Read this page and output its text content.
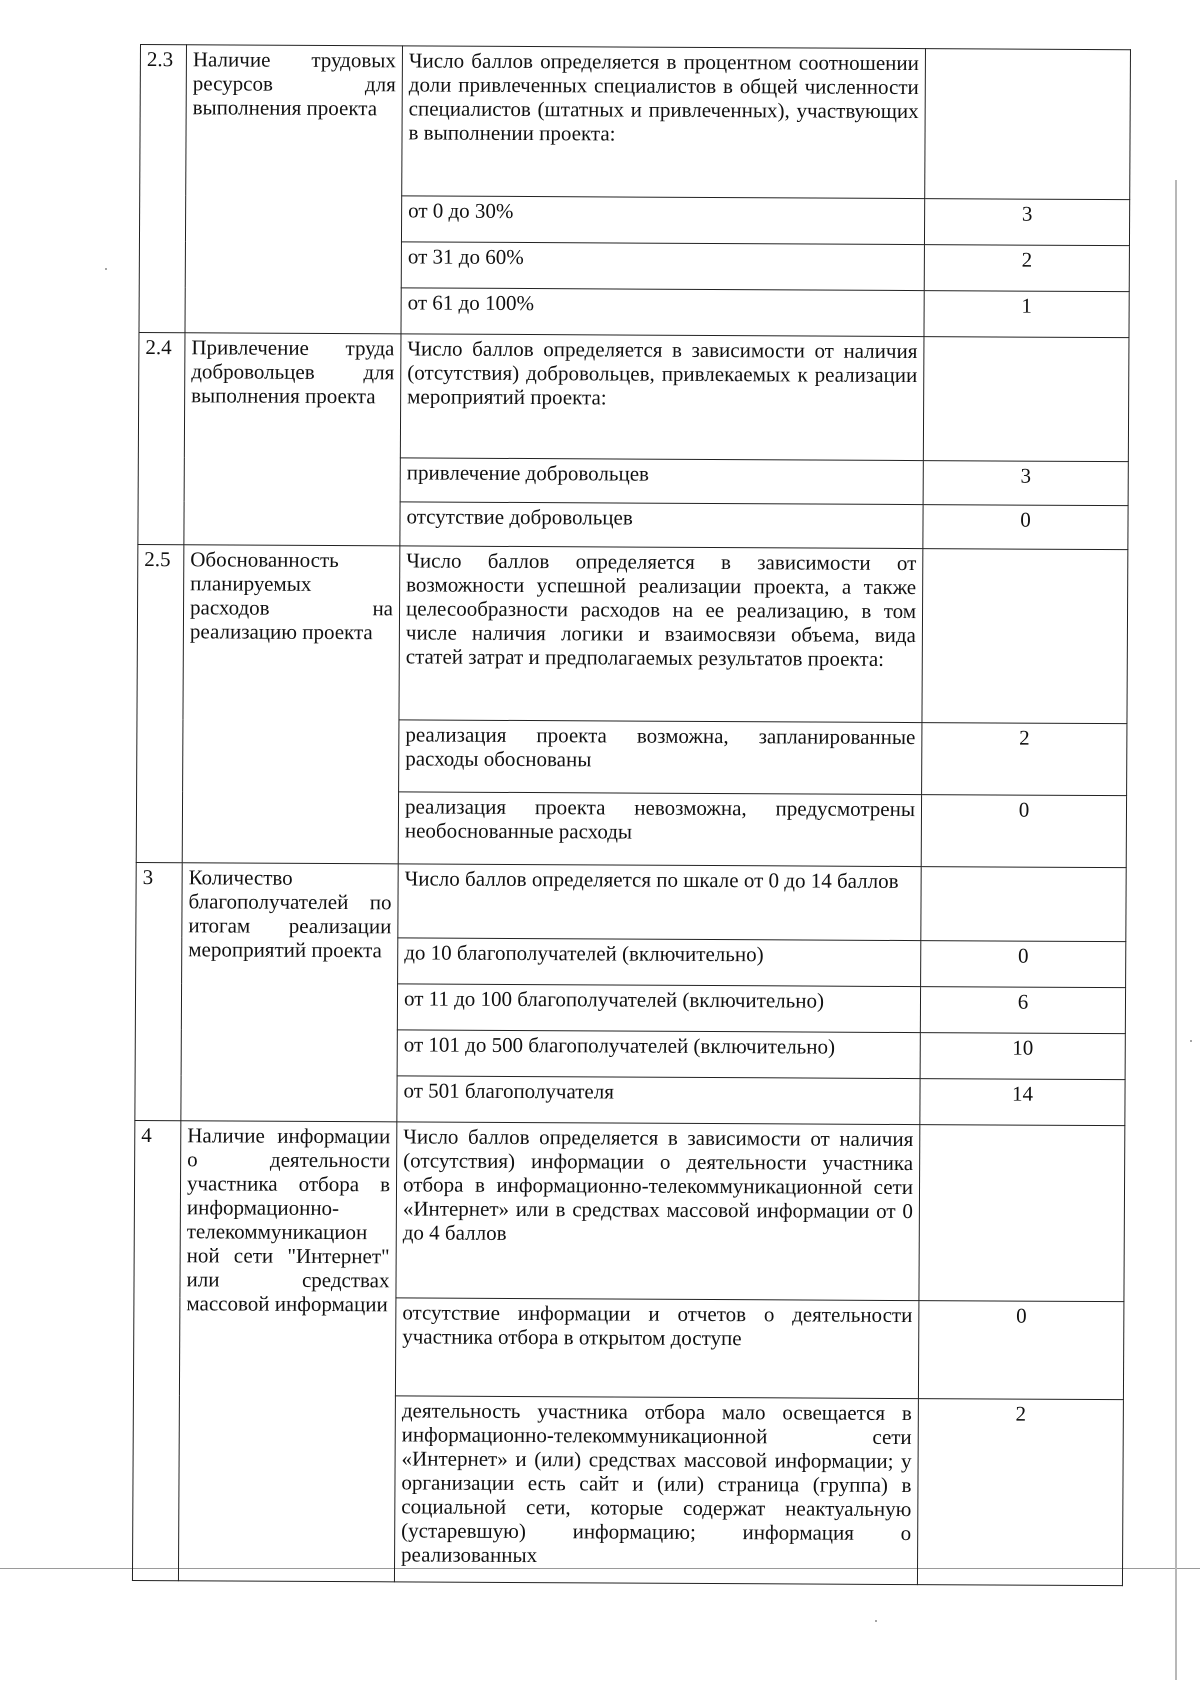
2.3	Наличие трудовых ресурсов для выполнения проекта	Число баллов определяется в процентном соотношении доли привлеченных специалистов в общей численности специалистов (штатных и привлеченных), участвующих в выполнении проекта:	
		от 0 до 30%	3
		от 31 до 60%	2
		от 61 до 100%	1
2.4	Привлечение труда добровольцев для выполнения проекта	Число баллов определяется в зависимости от наличия (отсутствия) добровольцев, привлекаемых к реализации мероприятий проекта:	
		привлечение добровольцев	3
		отсутствие добровольцев	0
2.5	Обоснованность планируемых расходов на реализацию проекта	Число баллов определяется в зависимости от возможности успешной реализации проекта, а также целесообразности расходов на ее реализацию, в том числе наличия логики и взаимосвязи объема, вида статей затрат и предполагаемых результатов проекта:	
		реализация проекта возможна, запланированные расходы обоснованы	2
		реализация проекта невозможна, предусмотрены необоснованные расходы	0
3	Количество благополучателей по итогам реализации мероприятий проекта	Число баллов определяется по шкале от 0 до 14 баллов	
		до 10 благополучателей (включительно)	0
		от 11 до 100 благополучателей (включительно)	6
		от 101 до 500 благополучателей (включительно)	10
		от 501 благополучателя	14
4	Наличие информации о деятельности участника отбора в информационно-телекоммуникацион ной сети "Интернет" или средствах массовой информации	Число баллов определяется в зависимости от наличия (отсутствия) информации о деятельности участника отбора в информационно-телекоммуникационной сети «Интернет» или в средствах массовой информации от 0 до 4 баллов	
		отсутствие информации и отчетов о деятельности участника отбора в открытом доступе	0
		деятельность участника отбора мало освещается в информационно-телекоммуникационной сети «Интернет» и (или) средствах массовой информации; у организации есть сайт и (или) страница (группа) в социальной сети, которые содержат неактуальную (устаревшую) информацию; информация о реализованных	2
